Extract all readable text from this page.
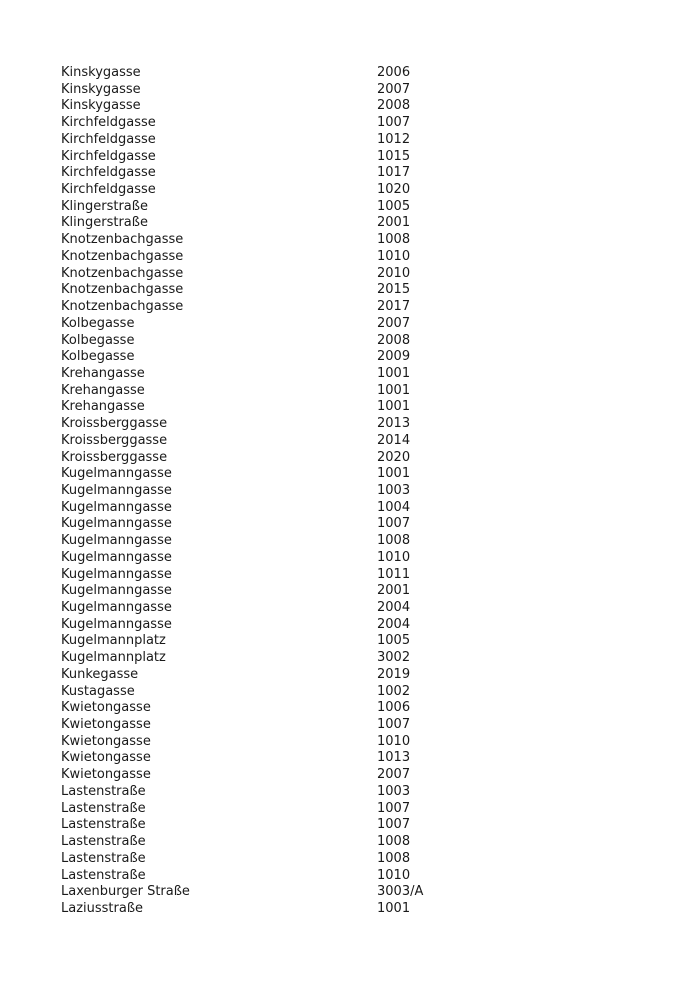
Kinskygasse	2006
Kinskygasse	2007
Kinskygasse	2008
Kirchfeldgasse	1007
Kirchfeldgasse	1012
Kirchfeldgasse	1015
Kirchfeldgasse	1017
Kirchfeldgasse	1020
Klingerstraße	1005
Klingerstraße	2001
Knotzenbachgasse	1008
Knotzenbachgasse	1010
Knotzenbachgasse	2010
Knotzenbachgasse	2015
Knotzenbachgasse	2017
Kolbegasse	2007
Kolbegasse	2008
Kolbegasse	2009
Krehangasse	1001
Krehangasse	1001
Krehangasse	1001
Kroissberggasse	2013
Kroissberggasse	2014
Kroissberggasse	2020
Kugelmanngasse	1001
Kugelmanngasse	1003
Kugelmanngasse	1004
Kugelmanngasse	1007
Kugelmanngasse	1008
Kugelmanngasse	1010
Kugelmanngasse	1011
Kugelmanngasse	2001
Kugelmanngasse	2004
Kugelmanngasse	2004
Kugelmannplatz	1005
Kugelmannplatz	3002
Kunkegasse	2019
Kustagasse	1002
Kwietongasse	1006
Kwietongasse	1007
Kwietongasse	1010
Kwietongasse	1013
Kwietongasse	2007
Lastenstraße	1003
Lastenstraße	1007
Lastenstraße	1007
Lastenstraße	1008
Lastenstraße	1008
Lastenstraße	1010
Laxenburger Straße	3003/A
Laziusstraße	1001
